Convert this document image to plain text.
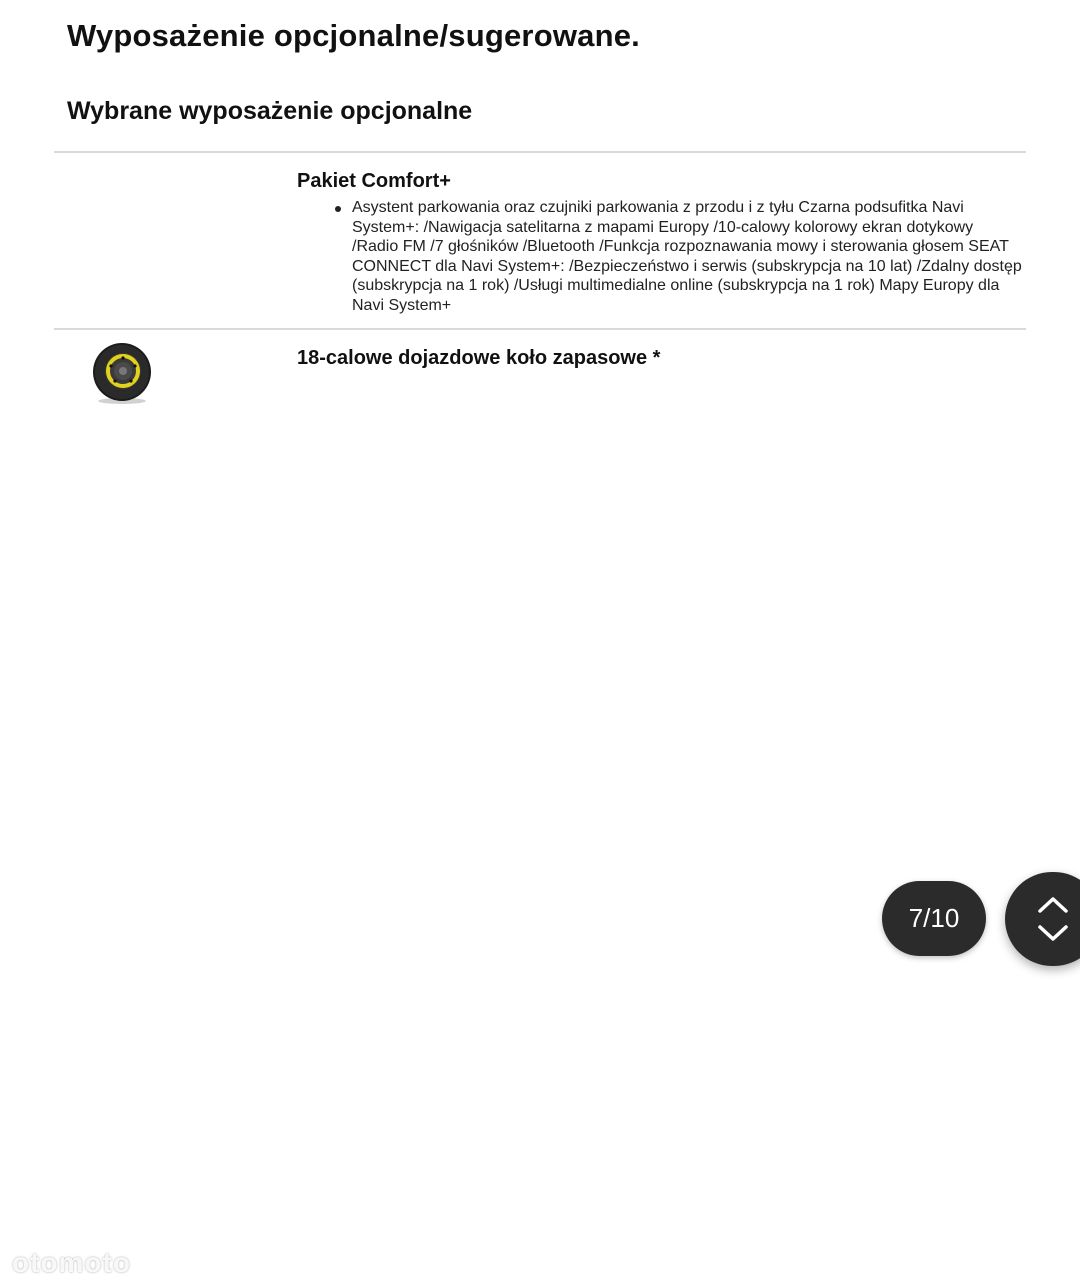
Wyposażenie opcjonalne/sugerowane.
Wybrane wyposażenie opcjonalne
Pakiet Comfort+
Asystent parkowania oraz czujniki parkowania z przodu i z tyłu Czarna podsufitka Navi System+: /Nawigacja satelitarna z mapami Europy /10-calowy kolorowy ekran dotykowy /Radio FM /7 głośników /Bluetooth /Funkcja rozpoznawania mowy i sterowania głosem SEAT CONNECT dla Navi System+: /Bezpieczeństwo i serwis (subskrypcja na 10 lat) /Zdalny dostęp (subskrypcja na 1 rok) /Usługi multimedialne online (subskrypcja na 1 rok) Mapy Europy dla Navi System+
18-calowe dojazdowe koło zapasowe *
7/10
otomoto
